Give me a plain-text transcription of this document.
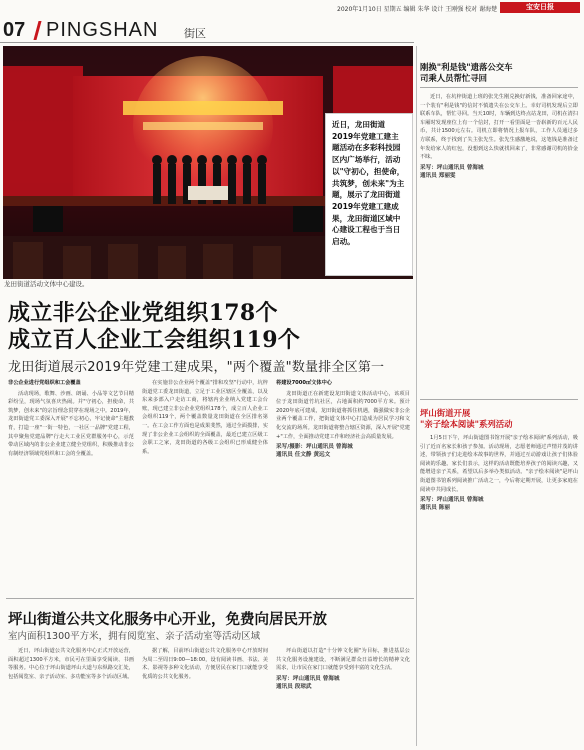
2020年1月10日 星期五 编辑 朱华 设计 王刚强 校对 谢海楚	宝安日报
07 PINGSHAN 街区
近日，龙田街道2019年党建工建主题活动在多彩科技园区内广场举行，活动以"守初心，担使命，共筑梦，创未来"为主题，展示了龙田街道2019年党建工建成果，龙田街道区域中心建设工程也于当日启动。
龙田街道活动文体中心建设。
成立非公企业党组织178个
成立百人企业工会组织119个
龙田街道展示2019年党建工建成果，"两个覆盖"数量排全区第一

非公企业进行党组织和工会覆盖

活动现场，歌舞、沙画、朗诵、小品等文艺节目精彩纷呈，现场气氛喜庆热闹。并"守初心，担使命，共筑梦，创未来"的宗旨理念贯穿在现场之中。2019年，龙田街道党工委深入开展"不忘初心，牢记使命"主题教育，打造一座"一街一特色，一社区一品牌"党建工程，其中聚焦党建品牌"行走大工业区党群服务中心，示范带动区域内的非公企业建立健全党组织，积极推动非公有制经济领域党组织和工会的全覆盖。

在实施非公企业两个覆盖"排和攻坚"行动中，坑梓街道党工委龙田街道，立足于工业区辖区全覆盖，以及东来多部入户走访工商，将辖内企业纳入党建工会台账，现已建立非公企业党组织178个，成立百人企业工会组织119个，两个覆盖数量龙田街道在全区排名第一。在工会工作方面也是成果斐然，通过全面摸排，实现了非公企业工会组织的全面覆盖，最近已建立区级工会职工之家，龙田街道的各级工会组织已形成健全体系。

将建设7000㎡文体中心

龙田街道正在新建设龙田街道文体活动中心，该项目位于龙田街道竹坑社区，占地面积约7000平方米。预计2020年底可建成，龙田街道将抓住机遇，做强做实非公企业两个覆盖工作，把街道文体中心打造成为居民学习和文化交流的场所。龙田街道将整合辖区资源，深入开展"党建+"工作，全面推动党建工作和经济社会高质量发展。

采写/摄影：坪山通讯员 曾海城
通讯员 任文静 黄远文

坪山街道公共文化服务中心开业，免费向居民开放
室内面积1300平方米，拥有阅览室、亲子活动室等活动区域

近日，坪山街道公共文化服务中心正式开放运营，面积超过1300平方米，市民可在里面享受阅读、书画等服务。中心位于坪山街道坪山大道与东纵路交汇处，包括阅览室、亲子活动室、多功能室等多个活动区域。

据了解，目前坪山街道公共文化服务中心开放时间为周二至周日9:00—18:00，设有阅读书画、书法、美术、影视等多种文化活动，方便居民在家门口就能享受优质的公共文化服务。

坪山街道以打造"十分钟文化圈"为目标，推进基层公共文化服务设施建设，不断满足群众日益增长的精神文化需求，让市民在家门口就能享受到丰富的文化生活。

采写：坪山通讯员 曾海城
通讯员 段琼武

刚换"利是钱"遗落公交车
司乘人员帮忙寻回

近日，在坑梓街道上班的张先生刚兑换好新钱，准备回家途中，一个装有"利是钱"的信封不慎遗失在公交车上。幸好司机发现后立即联系车队，帮忙寻回。当天10时，车辆到达终点站龙田，司机在清扫车厢时发现座位上有一个信封，打开一看里面是一沓崭新的百元人民币，共计1500元左右。司机立即将情况上报车队，工作人员通过多方联系，终于找到了失主张先生。张先生感激地说，这笔钱是准备过年发给家人的红包，没想到这么快就找回来了，非常感谢司机的拾金不昧。

采写：坪山通讯员 曾海城
通讯员 郑丽雯

坪山街道开展
"亲子绘本阅读"系列活动

1月5日下午，坪山街道图书馆开展"亲子绘本阅读"系列活动，吸引了近百名家长和孩子参加。活动现场，志愿老师通过声情并茂的讲述，带领孩子们走进绘本故事的世界，并通过互动游戏让孩子们体验阅读的乐趣。家长们表示，这样的活动既能培养孩子的阅读兴趣，又能增进亲子关系，希望以后多举办类似活动。"亲子绘本阅读"是坪山街道图书馆系列阅读推广活动之一，今后将定期开展，让更多家庭在阅读中共同成长。

采写：坪山通讯员 曾海城
通讯员 陈丽
